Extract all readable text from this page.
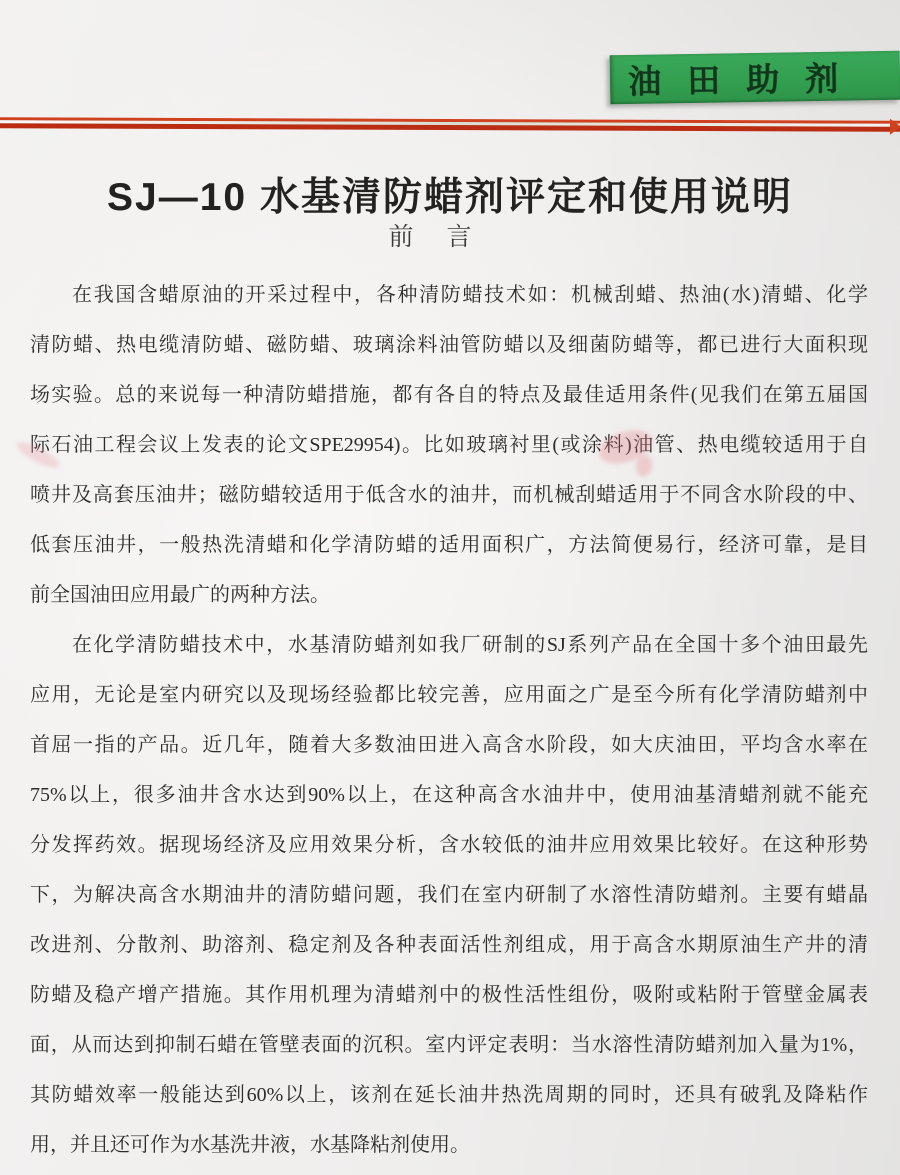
油田助剂
SJ—10 水基清防蜡剂评定和使用说明
前 言
在我国含蜡原油的开采过程中，各种清防蜡技术如：机械刮蜡、热油(水)清蜡、化学
清防蜡、热电缆清防蜡、磁防蜡、玻璃涂料油管防蜡以及细菌防蜡等，都已进行大面积现
场实验。总的来说每一种清防蜡措施，都有各自的特点及最佳适用条件(见我们在第五届国
际石油工程会议上发表的论文SPE29954)。比如玻璃衬里(或涂料)油管、热电缆较适用于自
喷井及高套压油井；磁防蜡较适用于低含水的油井，而机械刮蜡适用于不同含水阶段的中、
低套压油井，一般热洗清蜡和化学清防蜡的适用面积广，方法简便易行，经济可靠，是目
前全国油田应用最广的两种方法。
在化学清防蜡技术中，水基清防蜡剂如我厂研制的SJ系列产品在全国十多个油田最先
应用，无论是室内研究以及现场经验都比较完善，应用面之广是至今所有化学清防蜡剂中
首屈一指的产品。近几年，随着大多数油田进入高含水阶段，如大庆油田，平均含水率在
75%以上，很多油井含水达到90%以上，在这种高含水油井中，使用油基清蜡剂就不能充
分发挥药效。据现场经济及应用效果分析，含水较低的油井应用效果比较好。在这种形势
下，为解决高含水期油井的清防蜡问题，我们在室内研制了水溶性清防蜡剂。主要有蜡晶
改进剂、分散剂、助溶剂、稳定剂及各种表面活性剂组成，用于高含水期原油生产井的清
防蜡及稳产增产措施。其作用机理为清蜡剂中的极性活性组份，吸附或粘附于管壁金属表
面，从而达到抑制石蜡在管壁表面的沉积。室内评定表明：当水溶性清防蜡剂加入量为1%，
其防蜡效率一般能达到60%以上，该剂在延长油井热洗周期的同时，还具有破乳及降粘作
用，并且还可作为水基洗井液，水基降粘剂使用。
